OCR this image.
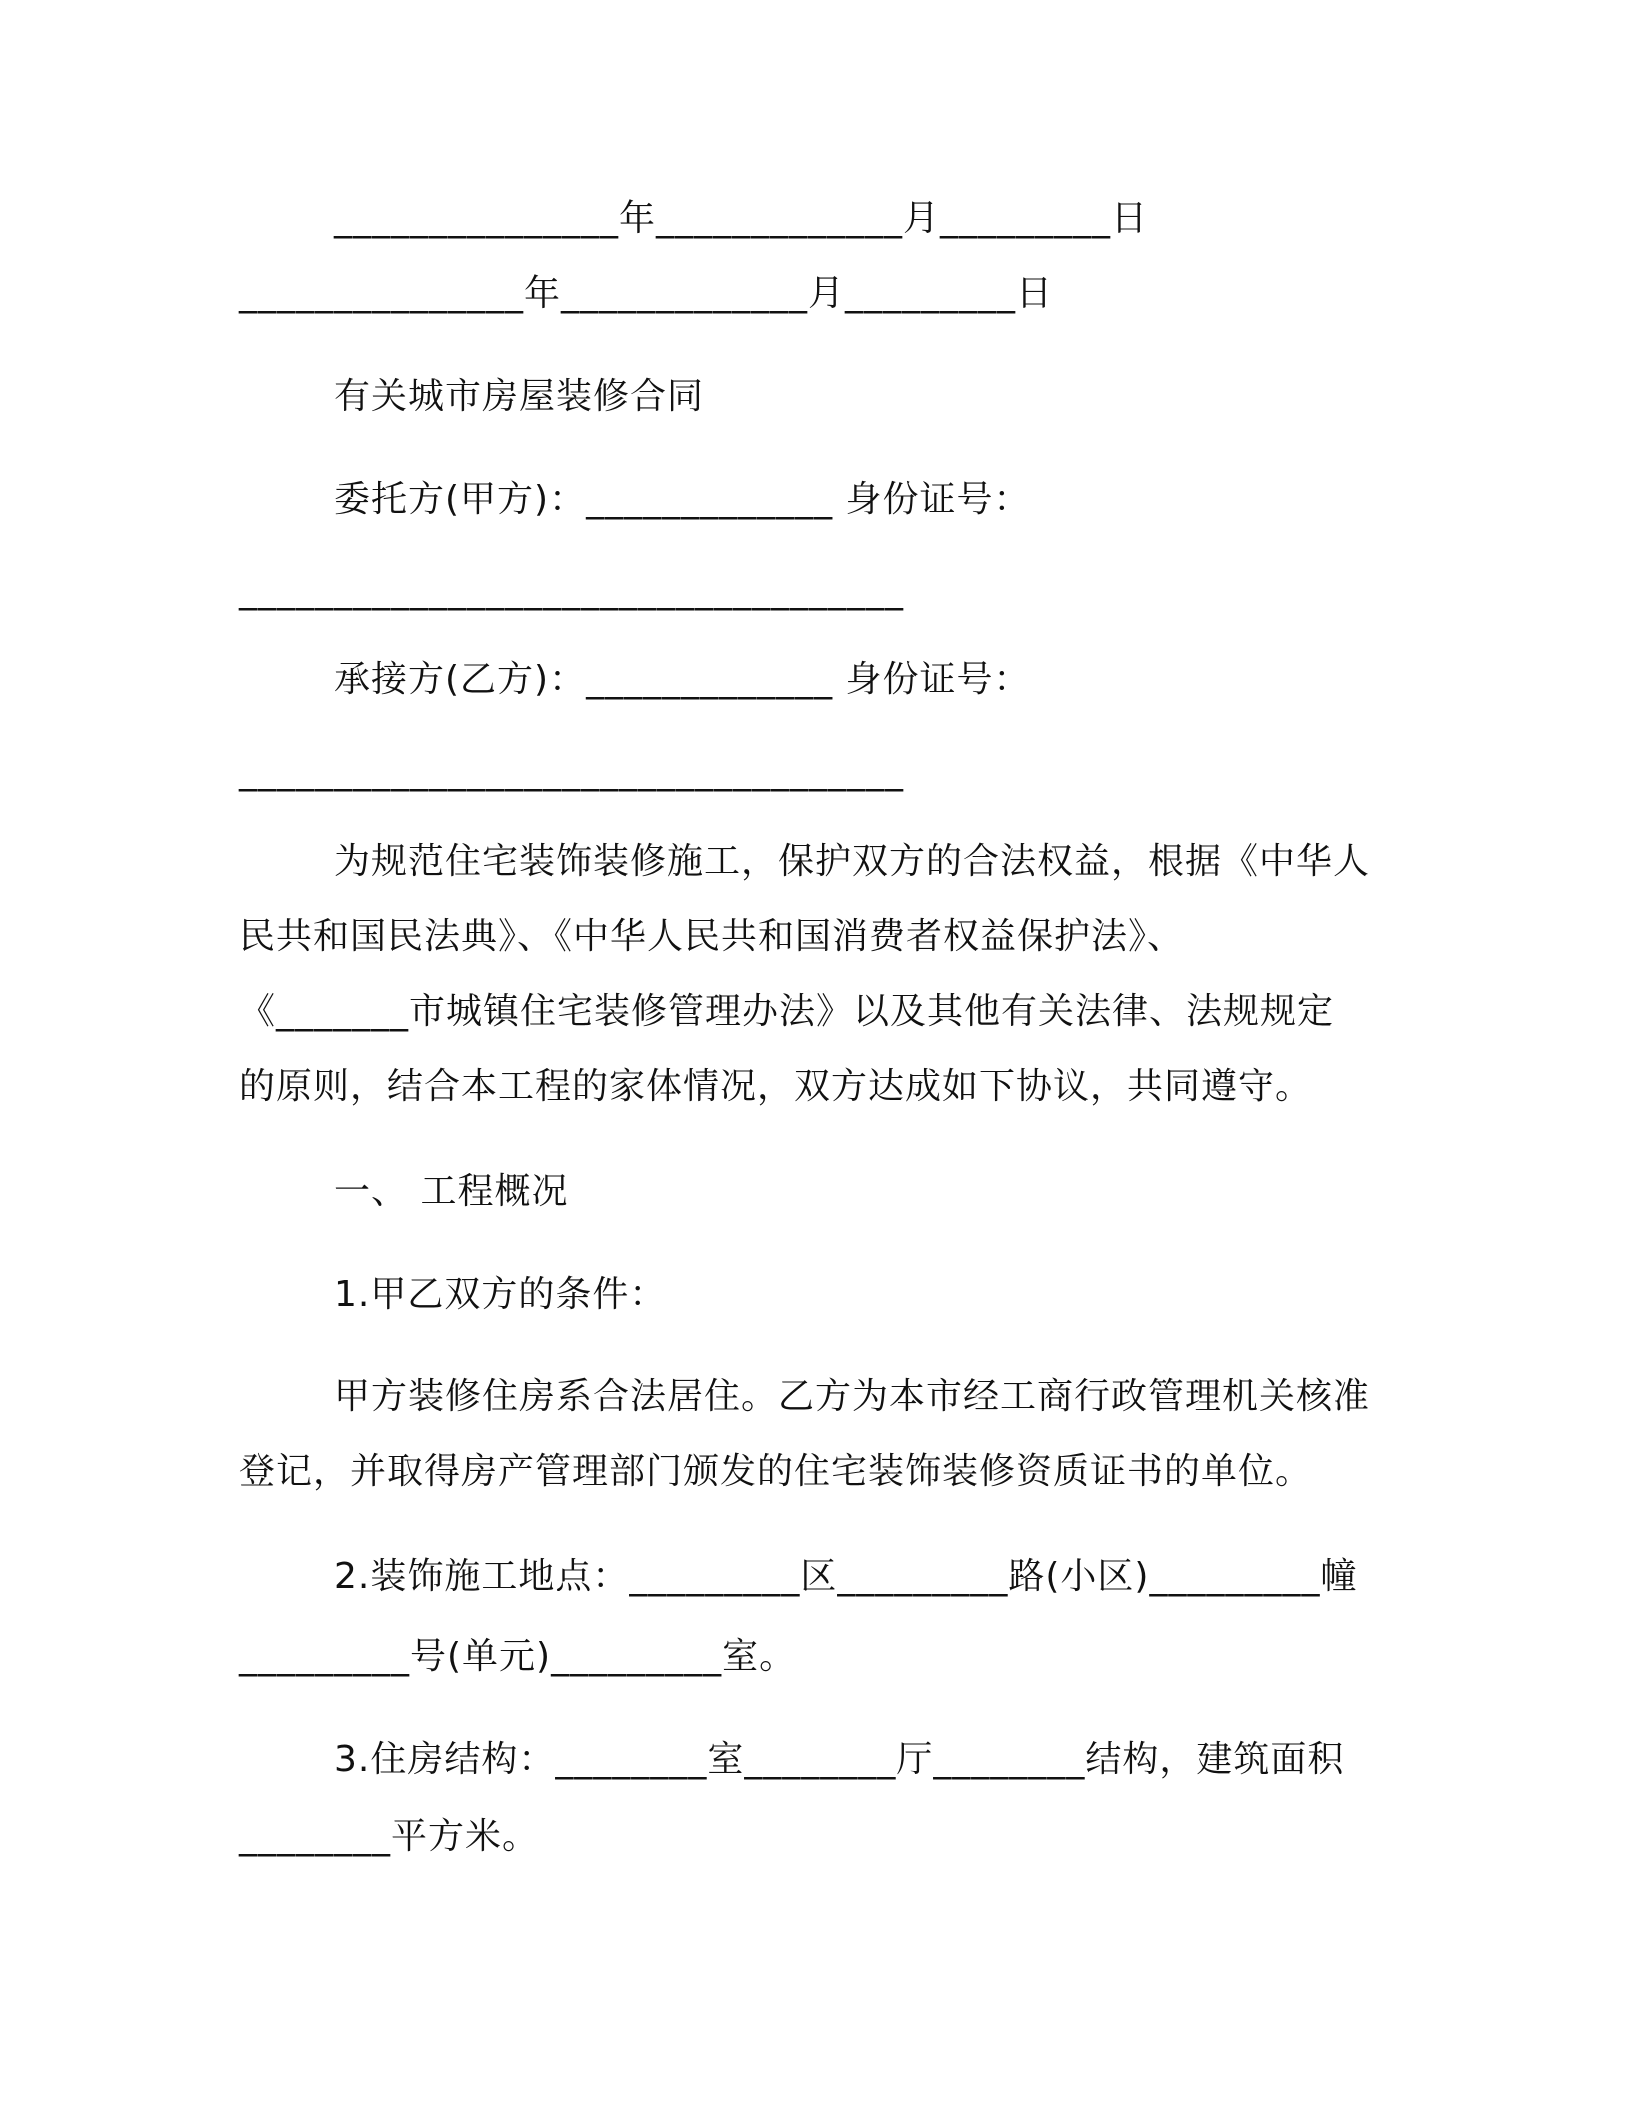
_______________年_____________月_________日
_______________年_____________月_________日
有关城市房屋装修合同
委托方(甲方)：_____________ 身份证号：
___________________________________
承接方(乙方)：_____________ 身份证号：
___________________________________
为规范住宅装饰装修施工，保护双方的合法权益，根据《中华人
民共和国民法典》、《中华人民共和国消费者权益保护法》、
《_______市城镇住宅装修管理办法》以及其他有关法律、法规规定
的原则，结合本工程的家体情况，双方达成如下协议，共同遵守。
一、 工程概况
1.甲乙双方的条件：
甲方装修住房系合法居住。乙方为本市经工商行政管理机关核准
登记，并取得房产管理部门颁发的住宅装饰装修资质证书的单位。
2.装饰施工地点：_________区_________路(小区)_________幢
_________号(单元)_________室。
3.住房结构：________室________厅________结构，建筑面积
________平方米。
